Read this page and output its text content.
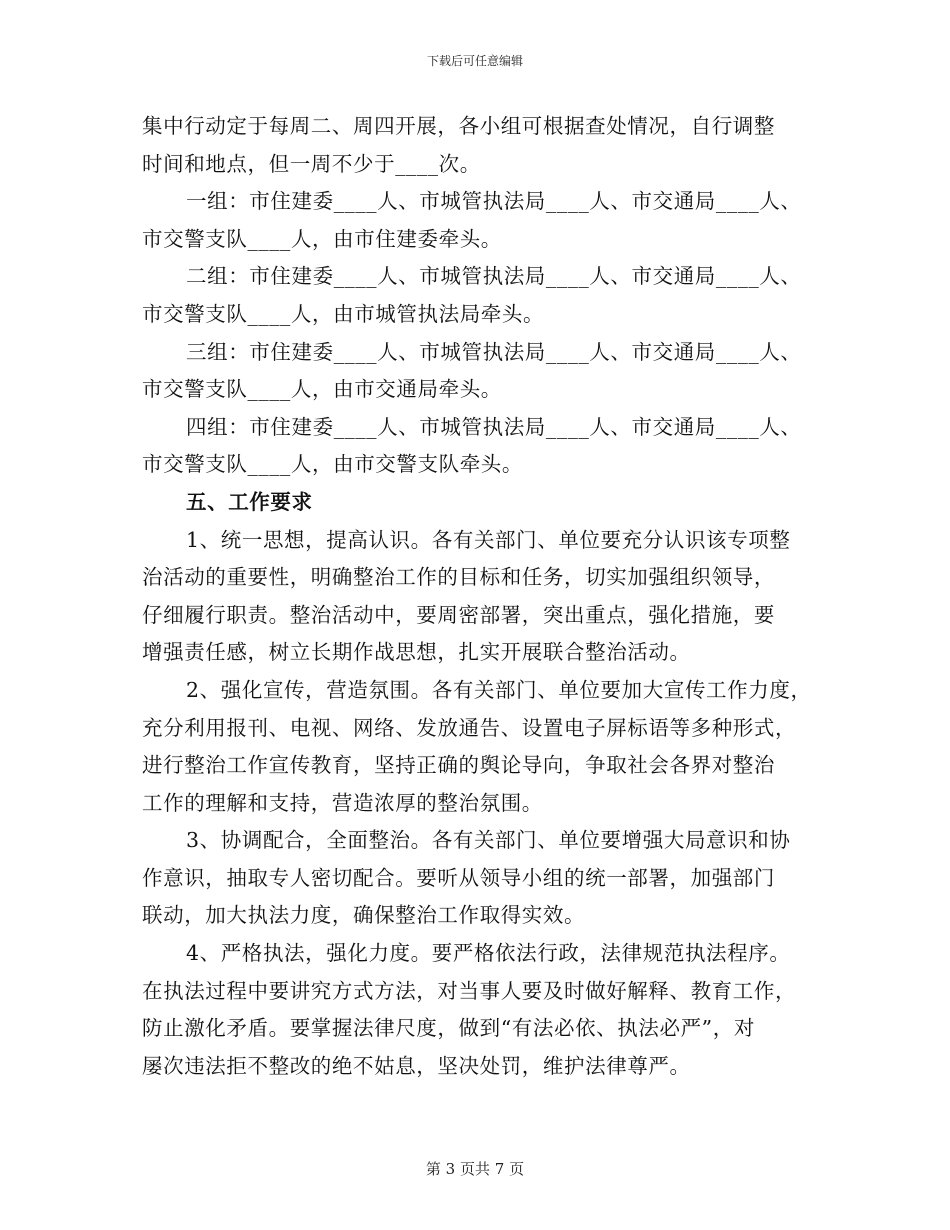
下载后可任意编辑
集中行动定于每周二、周四开展，各小组可根据查处情况，自行调整
时间和地点，但一周不少于____次。
一组：市住建委____人、市城管执法局____人、市交通局____人、
市交警支队____人，由市住建委牵头。
二组：市住建委____人、市城管执法局____人、市交通局____人、
市交警支队____人，由市城管执法局牵头。
三组：市住建委____人、市城管执法局____人、市交通局____人、
市交警支队____人，由市交通局牵头。
四组：市住建委____人、市城管执法局____人、市交通局____人、
市交警支队____人，由市交警支队牵头。
五、工作要求
1、统一思想，提高认识。各有关部门、单位要充分认识该专项整
治活动的重要性，明确整治工作的目标和任务，切实加强组织领导，
仔细履行职责。整治活动中，要周密部署，突出重点，强化措施，要
增强责任感，树立长期作战思想，扎实开展联合整治活动。
2、强化宣传，营造氛围。各有关部门、单位要加大宣传工作力度，
充分利用报刊、电视、网络、发放通告、设置电子屏标语等多种形式，
进行整治工作宣传教育，坚持正确的舆论导向，争取社会各界对整治
工作的理解和支持，营造浓厚的整治氛围。
3、协调配合，全面整治。各有关部门、单位要增强大局意识和协
作意识，抽取专人密切配合。要听从领导小组的统一部署，加强部门
联动，加大执法力度，确保整治工作取得实效。
4、严格执法，强化力度。要严格依法行政，法律规范执法程序。
在执法过程中要讲究方式方法，对当事人要及时做好解释、教育工作，
防止激化矛盾。要掌握法律尺度，做到“有法必依、执法必严”，对
屡次违法拒不整改的绝不姑息，坚决处罚，维护法律尊严。
第 3 页共 7 页
